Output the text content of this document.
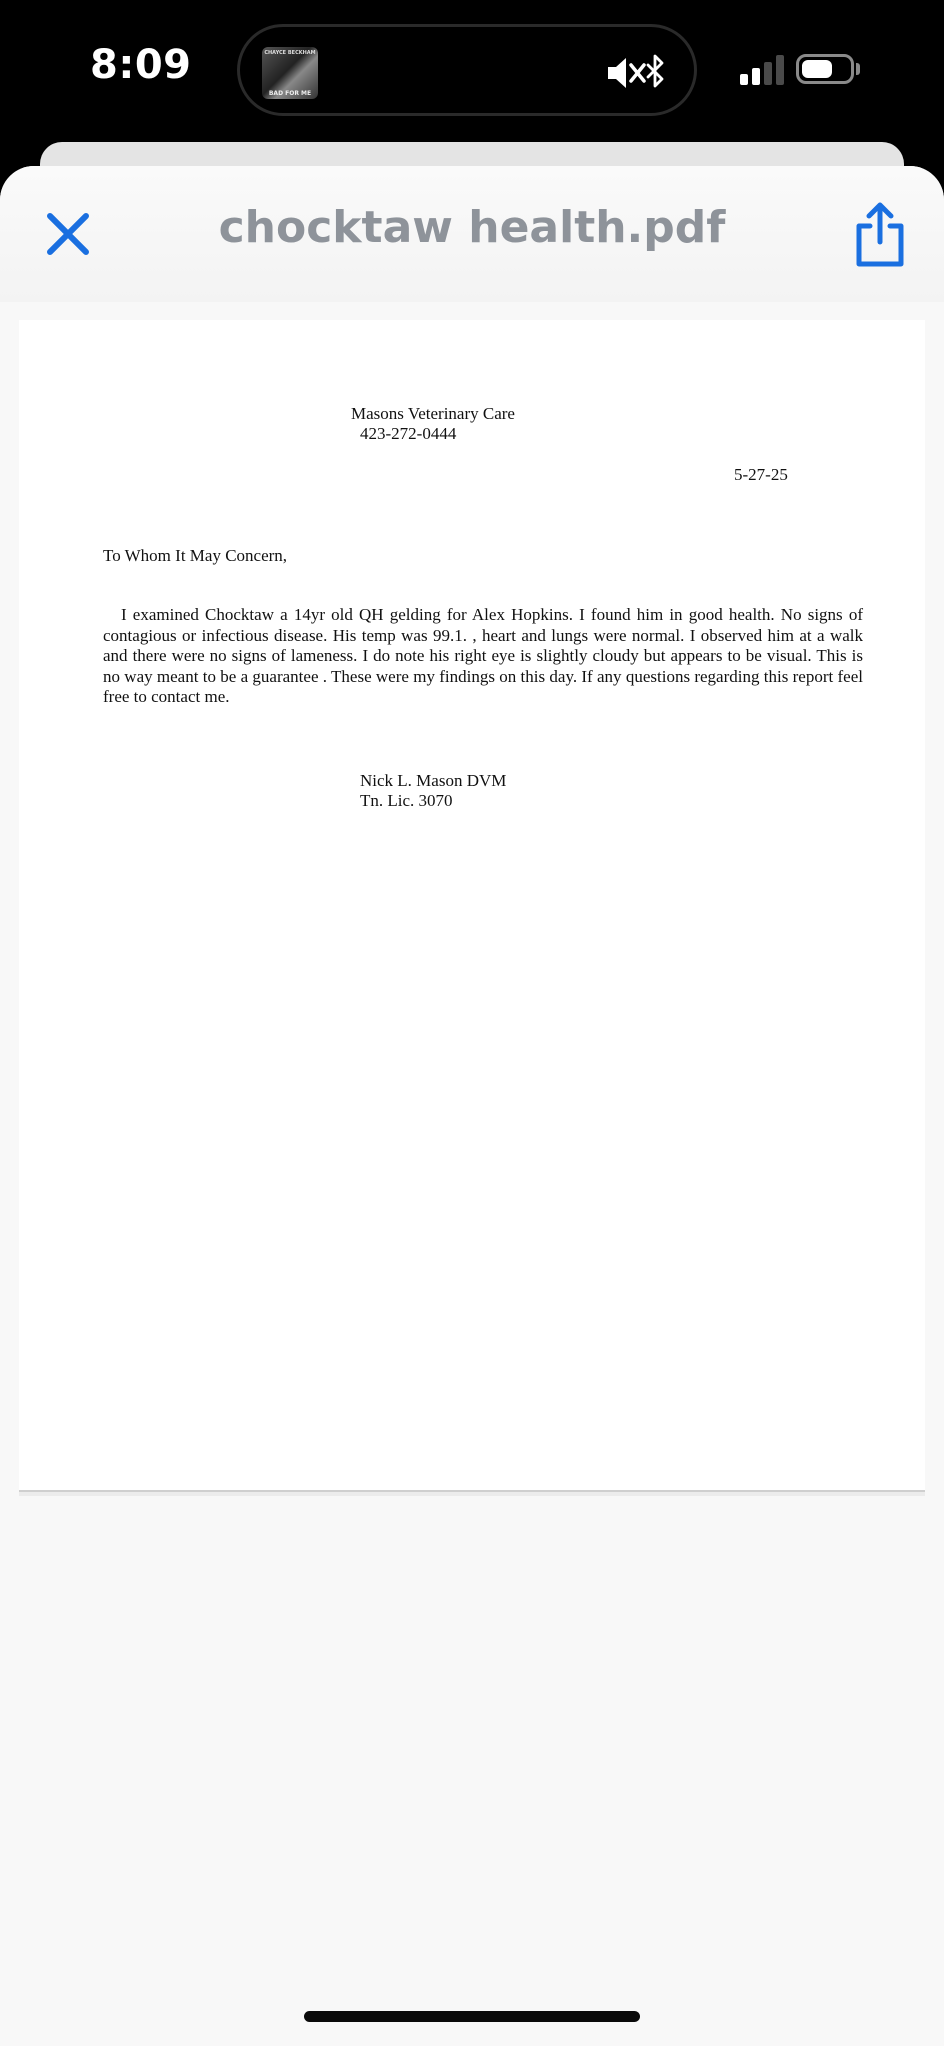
8:09	CHAYCE BECKHAM
BAD FOR ME
chocktaw health.pdf
Masons Veterinary Care
423-272-0444
5-27-25
To Whom It May Concern,
I examined Chocktaw a 14yr old QH gelding for Alex Hopkins. I found him in good health. No signs of contagious or infectious disease. His temp was 99.1. , heart and lungs were normal. I observed him at a walk and there were no signs of lameness. I do note his right eye is slightly cloudy but appears to be visual. This is no way meant to be a guarantee . These were my findings on this day. If any questions regarding this report feel free to contact me.
Nick L. Mason DVM
Tn. Lic. 3070
